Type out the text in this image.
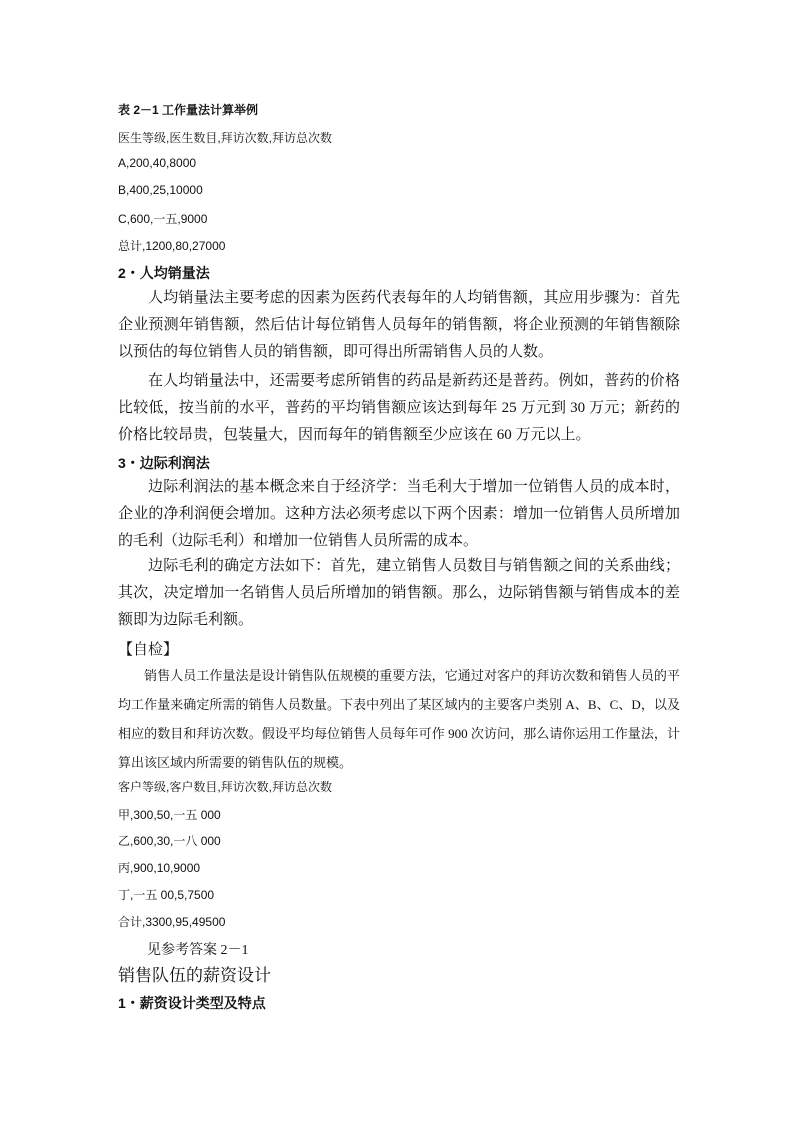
表 2－1 工作量法计算举例
医生等级,医生数目,拜访次数,拜访总次数
A,200,40,8000
B,400,25,10000
C,600,一五,9000
总计,1200,80,27000
2・人均销量法
人均销量法主要考虑的因素为医药代表每年的人均销售额，其应用步骤为：首先企业预测年销售额，然后估计每位销售人员每年的销售额，将企业预测的年销售额除以预估的每位销售人员的销售额，即可得出所需销售人员的人数。
在人均销量法中，还需要考虑所销售的药品是新药还是普药。例如，普药的价格比较低，按当前的水平，普药的平均销售额应该达到每年 25 万元到 30 万元；新药的价格比较昂贵，包装量大，因而每年的销售额至少应该在 60 万元以上。
3・边际利润法
边际利润法的基本概念来自于经济学：当毛利大于增加一位销售人员的成本时，企业的净利润便会增加。这种方法必须考虑以下两个因素：增加一位销售人员所增加的毛利（边际毛利）和增加一位销售人员所需的成本。
边际毛利的确定方法如下：首先，建立销售人员数目与销售额之间的关系曲线；其次，决定增加一名销售人员后所增加的销售额。那么，边际销售额与销售成本的差额即为边际毛利额。
【自检】
销售人员工作量法是设计销售队伍规模的重要方法，它通过对客户的拜访次数和销售人员的平均工作量来确定所需的销售人员数量。下表中列出了某区域内的主要客户类别 A、B、C、D，以及相应的数目和拜访次数。假设平均每位销售人员每年可作 900 次访问，那么请你运用工作量法，计算出该区域内所需要的销售队伍的规模。
客户等级,客户数目,拜访次数,拜访总次数
甲,300,50,一五 000
乙,600,30,一八 000
丙,900,10,9000
丁,一五 00,5,7500
合计,3300,95,49500
见参考答案 2－1
销售队伍的薪资设计
1・薪资设计类型及特点
